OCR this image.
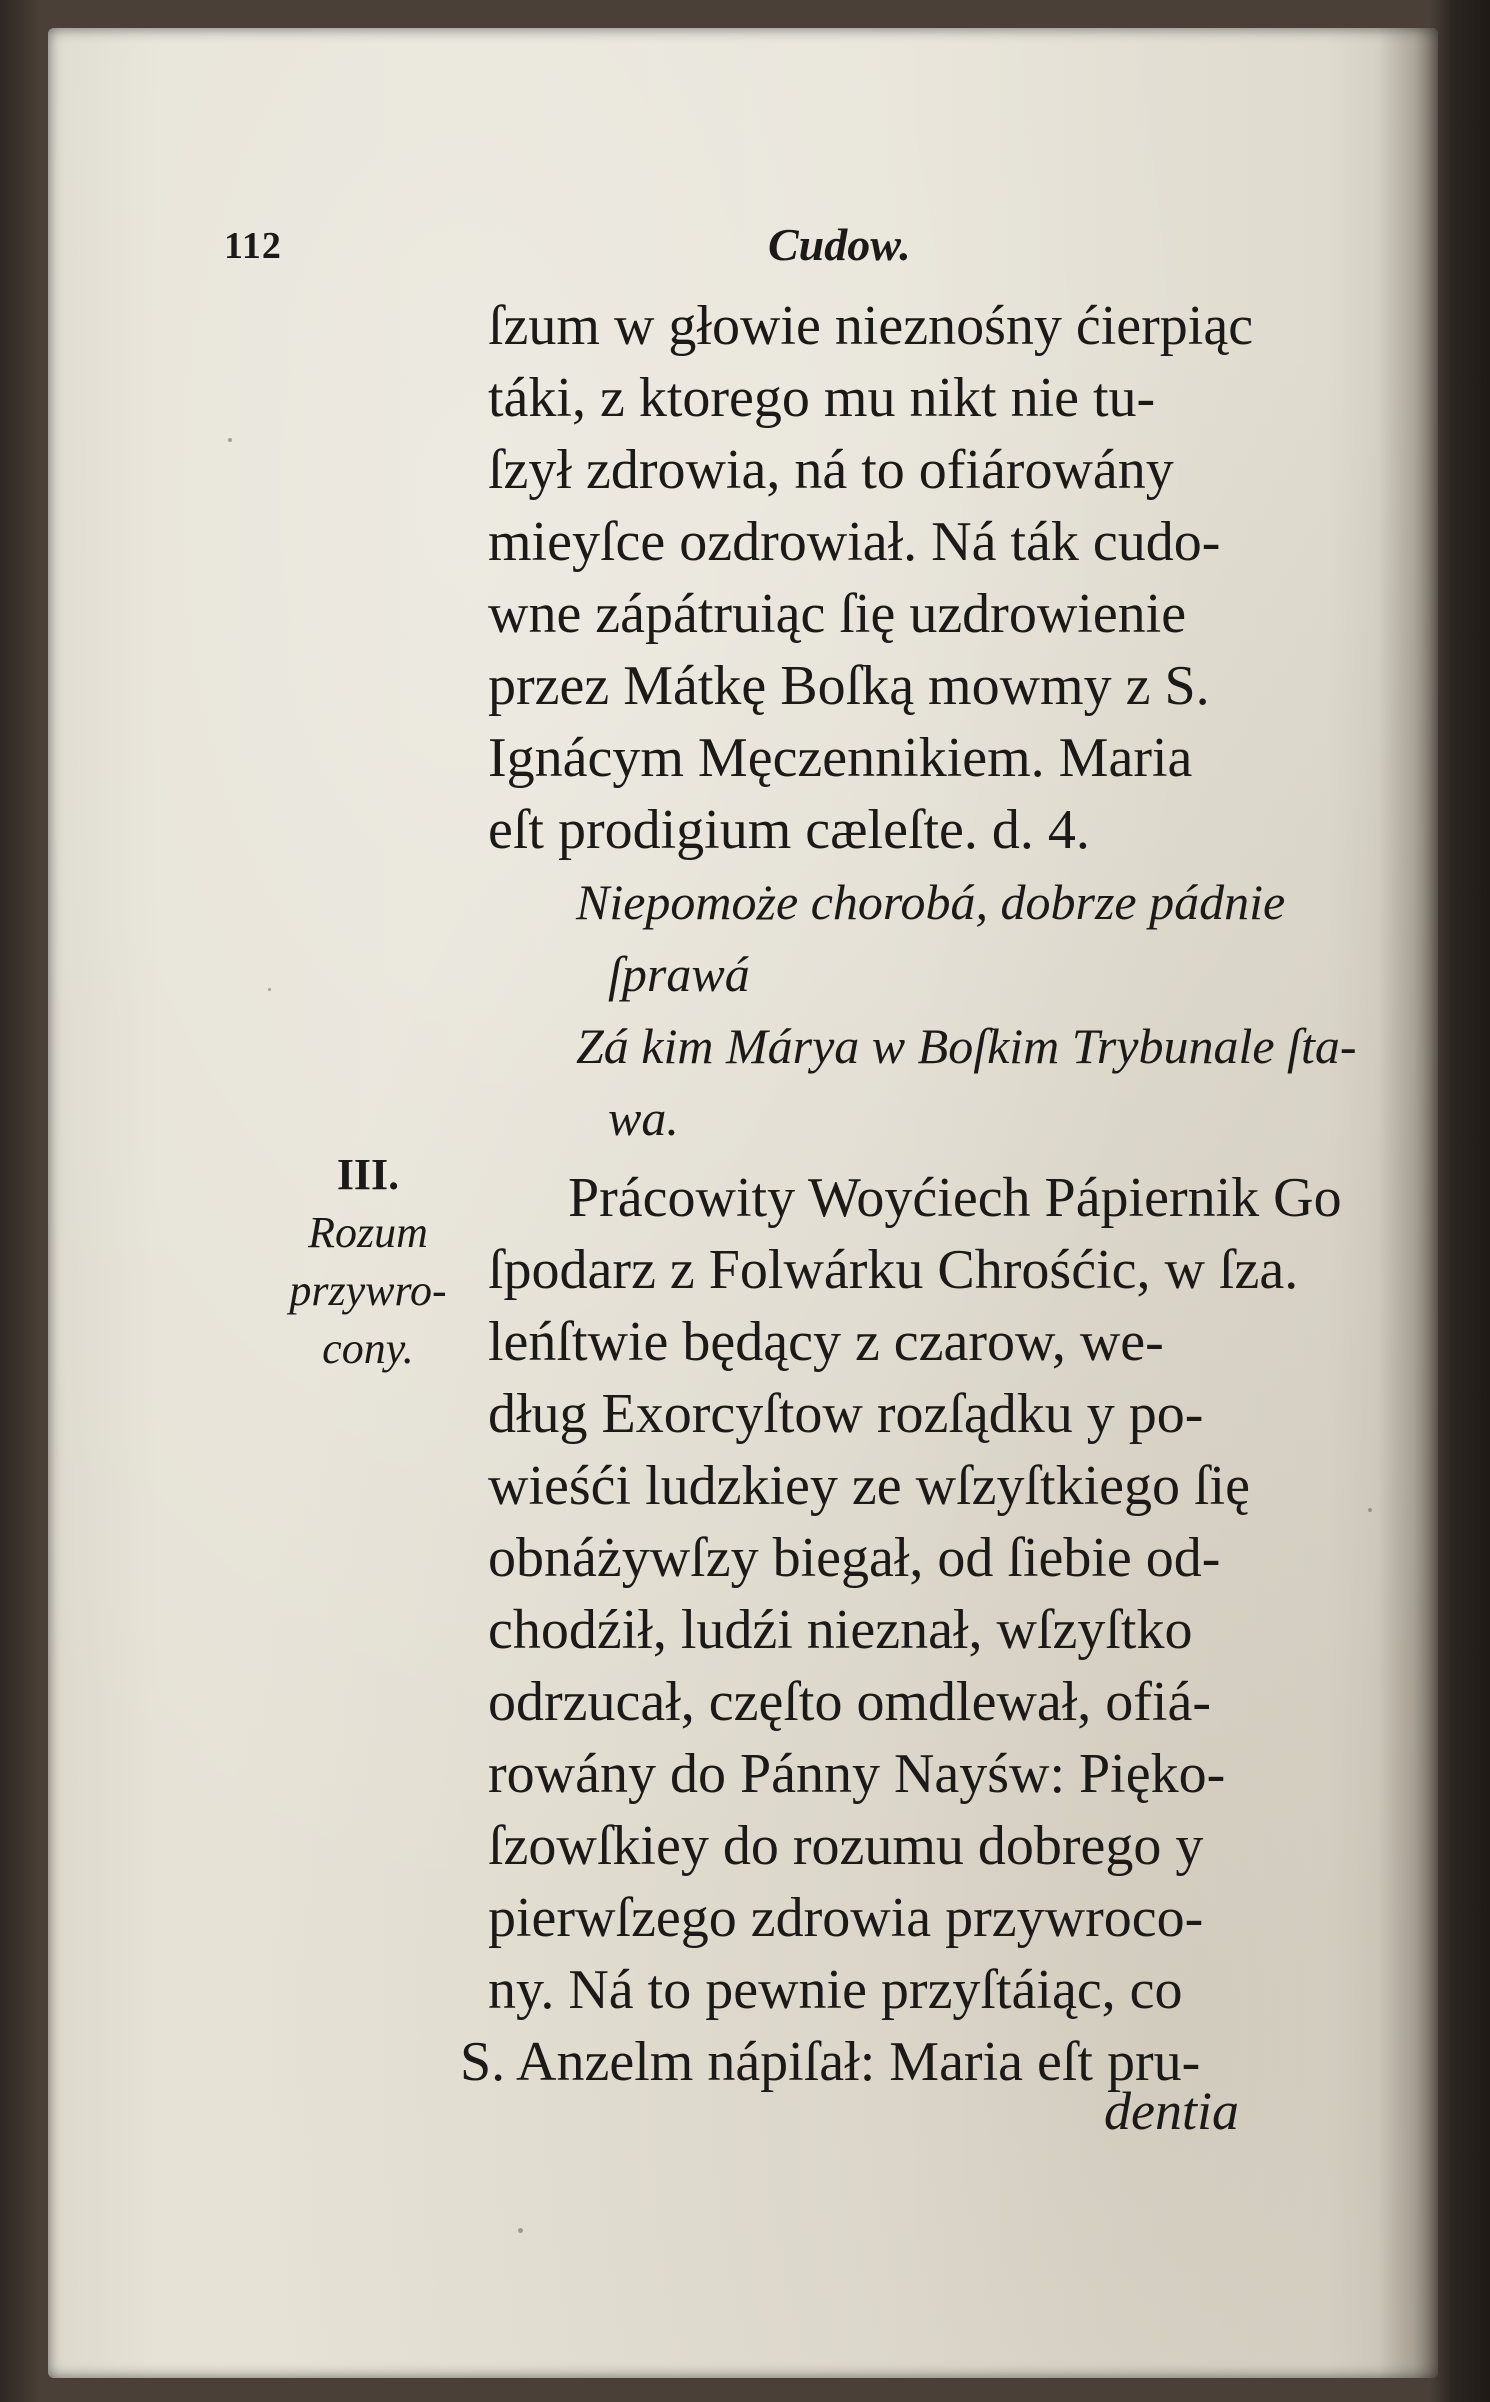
112	Cudow.
III.
Rozum
przywro-
cony.
ſzum w głowie nieznośny ćierpiąc
táki, z ktorego mu nikt nie tu-
ſzył zdrowia, ná to ofiárowány
mieyſce ozdrowiał. Ná ták cudo-
wne zápátruiąc ſię uzdrowienie
przez Mátkę Boſką mowmy z S.
Ignácym Męczennikiem. Maria
eſt prodigium cæleſte. d. 4.
Niepomoże chorobá, dobrze pádnie
ſprawá
Zá kim Márya w Boſkim Trybunale ſta-
wa.
Prácowity Woyćiech Pápiernik Go
ſpodarz z Folwárku Chrośćic, w ſza.
leńſtwie będący z czarow, we-
dług Exorcyſtow rozſądku y po-
wieśći ludzkiey ze wſzyſtkiego ſię
obnáżywſzy biegał, od ſiebie od-
chodźił, ludźi nieznał, wſzyſtko
odrzucał, częſto omdlewał, ofiá-
rowány do Pánny Nayśw: Pięko-
ſzowſkiey do rozumu dobrego y
pierwſzego zdrowia przywroco-
ny. Ná to pewnie przyſtáiąc, co
S. Anzelm nápiſał: Maria eſt pru-
dentia
